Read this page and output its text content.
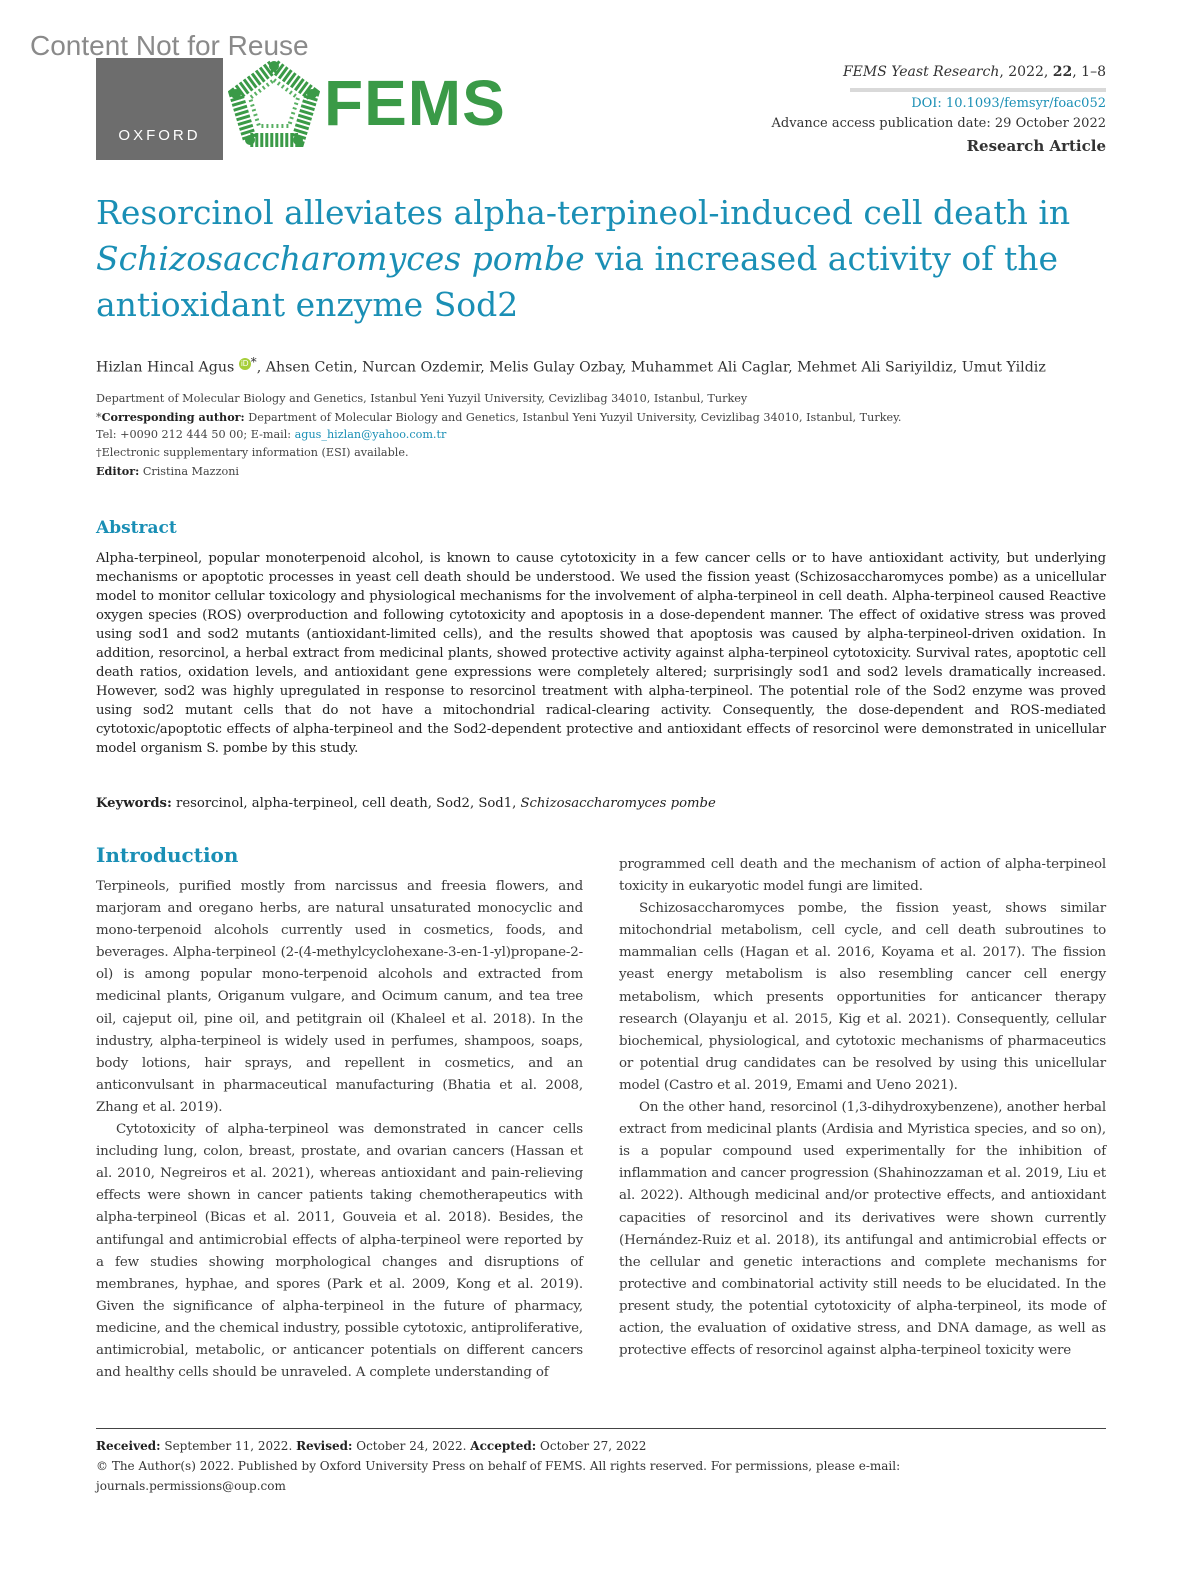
Content Not for Reuse
OXFORD	FEMS	FEMS Yeast Research, 2022, 22, 1–8
DOI: 10.1093/femsyr/foac052
Advance access publication date: 29 October 2022
Research Article
Resorcinol alleviates alpha-terpineol-induced cell death in Schizosaccharomyces pombe via increased activity of the antioxidant enzyme Sod2
Hizlan Hincal Agus iD *, Ahsen Cetin, Nurcan Ozdemir, Melis Gulay Ozbay, Muhammet Ali Caglar, Mehmet Ali Sariyildiz, Umut Yildiz
Department of Molecular Biology and Genetics, Istanbul Yeni Yuzyil University, Cevizlibag 34010, Istanbul, Turkey
*Corresponding author: Department of Molecular Biology and Genetics, Istanbul Yeni Yuzyil University, Cevizlibag 34010, Istanbul, Turkey.
Tel: +0090 212 444 50 00; E-mail: agus_hizlan@yahoo.com.tr
†Electronic supplementary information (ESI) available.
Editor: Cristina Mazzoni
Abstract

Alpha-terpineol, popular monoterpenoid alcohol, is known to cause cytotoxicity in a few cancer cells or to have antioxidant activity, but underlying mechanisms or apoptotic processes in yeast cell death should be understood. We used the fission yeast (Schizosaccharomyces pombe) as a unicellular model to monitor cellular toxicology and physiological mechanisms for the involvement of alpha-terpineol in cell death. Alpha-terpineol caused Reactive oxygen species (ROS) overproduction and following cytotoxicity and apoptosis in a dose-dependent manner. The effect of oxidative stress was proved using sod1 and sod2 mutants (antioxidant-limited cells), and the results showed that apoptosis was caused by alpha-terpineol-driven oxidation. In addition, resorcinol, a herbal extract from medicinal plants, showed protective activity against alpha-terpineol cytotoxicity. Survival rates, apoptotic cell death ratios, oxidation levels, and antioxidant gene expressions were completely altered; surprisingly sod1 and sod2 levels dramatically increased. However, sod2 was highly upregulated in response to resorcinol treatment with alpha-terpineol. The potential role of the Sod2 enzyme was proved using sod2 mutant cells that do not have a mitochondrial radical-clearing activity. Consequently, the dose-dependent and ROS-mediated cytotoxic/apoptotic effects of alpha-terpineol and the Sod2-dependent protective and antioxidant effects of resorcinol were demonstrated in unicellular model organism S. pombe by this study.

Keywords: resorcinol, alpha-terpineol, cell death, Sod2, Sod1, Schizosaccharomyces pombe
Introduction

Terpineols, purified mostly from narcissus and freesia flowers, and marjoram and oregano herbs, are natural unsaturated monocyclic and mono-terpenoid alcohols currently used in cosmetics, foods, and beverages. Alpha-terpineol (2-(4-methylcyclohexane-3-en-1-yl)propane-2-ol) is among popular mono-terpenoid alcohols and extracted from medicinal plants, Origanum vulgare, and Ocimum canum, and tea tree oil, cajeput oil, pine oil, and petitgrain oil (Khaleel et al. 2018). In the industry, alpha-terpineol is widely used in perfumes, shampoos, soaps, body lotions, hair sprays, and repellent in cosmetics, and an anticonvulsant in pharmaceutical manufacturing (Bhatia et al. 2008, Zhang et al. 2019).

Cytotoxicity of alpha-terpineol was demonstrated in cancer cells including lung, colon, breast, prostate, and ovarian cancers (Hassan et al. 2010, Negreiros et al. 2021), whereas antioxidant and pain-relieving effects were shown in cancer patients taking chemotherapeutics with alpha-terpineol (Bicas et al. 2011, Gouveia et al. 2018). Besides, the antifungal and antimicrobial effects of alpha-terpineol were reported by a few studies showing morphological changes and disruptions of membranes, hyphae, and spores (Park et al. 2009, Kong et al. 2019). Given the significance of alpha-terpineol in the future of pharmacy, medicine, and the chemical industry, possible cytotoxic, antiproliferative, antimicrobial, metabolic, or anticancer potentials on different cancers and healthy cells should be unraveled. A complete understanding of

programmed cell death and the mechanism of action of alpha-terpineol toxicity in eukaryotic model fungi are limited.

Schizosaccharomyces pombe, the fission yeast, shows similar mitochondrial metabolism, cell cycle, and cell death subroutines to mammalian cells (Hagan et al. 2016, Koyama et al. 2017). The fission yeast energy metabolism is also resembling cancer cell energy metabolism, which presents opportunities for anticancer therapy research (Olayanju et al. 2015, Kig et al. 2021). Consequently, cellular biochemical, physiological, and cytotoxic mechanisms of pharmaceutics or potential drug candidates can be resolved by using this unicellular model (Castro et al. 2019, Emami and Ueno 2021).

On the other hand, resorcinol (1,3-dihydroxybenzene), another herbal extract from medicinal plants (Ardisia and Myristica species, and so on), is a popular compound used experimentally for the inhibition of inflammation and cancer progression (Shahinozzaman et al. 2019, Liu et al. 2022). Although medicinal and/or protective effects, and antioxidant capacities of resorcinol and its derivatives were shown currently (Hernández-Ruiz et al. 2018), its antifungal and antimicrobial effects or the cellular and genetic interactions and complete mechanisms for protective and combinatorial activity still needs to be elucidated. In the present study, the potential cytotoxicity of alpha-terpineol, its mode of action, the evaluation of oxidative stress, and DNA damage, as well as protective effects of resorcinol against alpha-terpineol toxicity were

Received: September 11, 2022. Revised: October 24, 2022. Accepted: October 27, 2022
© The Author(s) 2022. Published by Oxford University Press on behalf of FEMS. All rights reserved. For permissions, please e-mail:
journals.permissions@oup.com
